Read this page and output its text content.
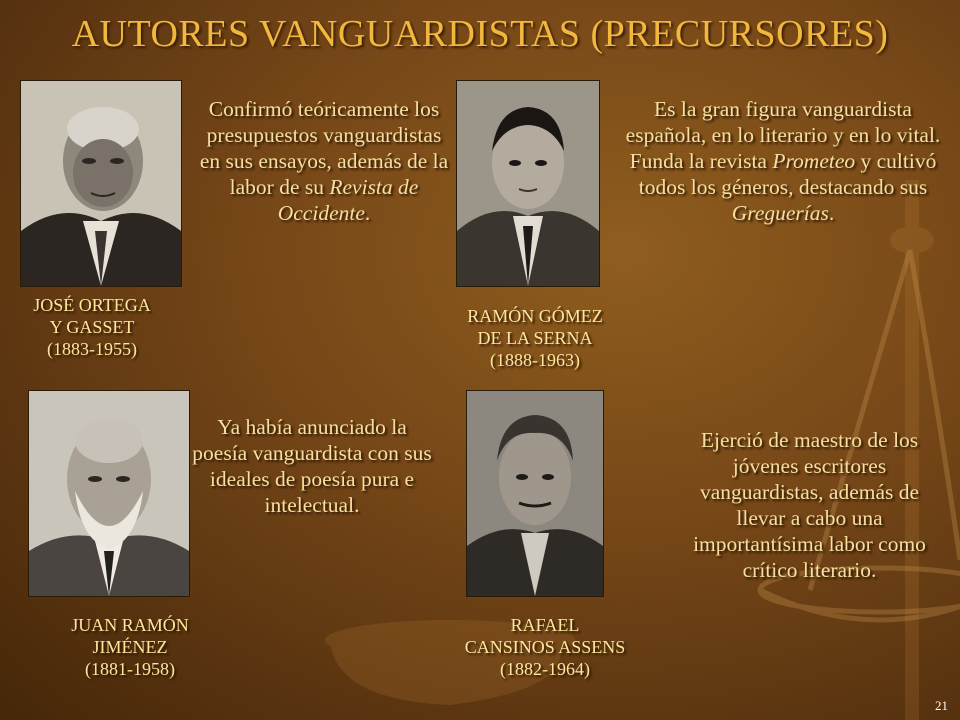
AUTORES VANGUARDISTAS (PRECURSORES)
Confirmó teóricamente los presupuestos vanguardistas en sus ensayos, además de la labor de su Revista de Occidente.
Es la gran figura vanguardista española, en lo literario y en lo vital. Funda la revista Prometeo y cultivó todos los géneros, destacando sus Greguerías.
Ya había anunciado la poesía vanguardista con sus ideales de poesía pura e intelectual.
Ejerció de maestro de los jóvenes escritores vanguardistas, además de llevar a cabo una importantísima labor como crítico literario.
JOSÉ ORTEGA
Y GASSET
(1883-1955)
RAMÓN GÓMEZ
DE LA SERNA
(1888-1963)
JUAN RAMÓN
JIMÉNEZ
(1881-1958)
RAFAEL
CANSINOS ASSENS
(1882-1964)
21
